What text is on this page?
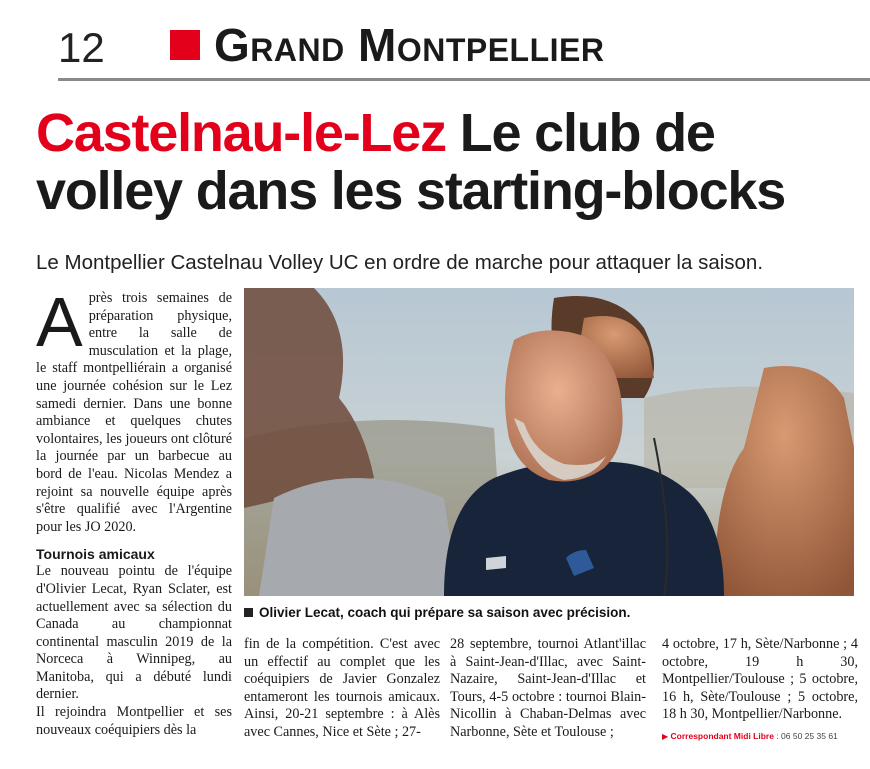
12 Grand Montpellier
Castelnau-le-Lez Le club de volley dans les starting-blocks
Le Montpellier Castelnau Volley UC en ordre de marche pour attaquer la saison.
A près trois semaines de préparation physique, entre la salle de musculation et la plage, le staff montpelliérain a organisé une journée cohésion sur le Lez samedi dernier. Dans une bonne ambiance et quelques chutes volontaires, les joueurs ont clôturé la journée par un barbecue au bord de l'eau. Nicolas Mendez a rejoint sa nouvelle équipe après s'être qualifié avec l'Argentine pour les JO 2020.

Tournois amicaux

Le nouveau pointu de l'équipe d'Olivier Lecat, Ryan Sclater, est actuellement avec sa sélection du Canada au championnat continental masculin 2019 de la Norceca à Winnipeg, au Manitoba, qui a débuté lundi dernier.

Il rejoindra Montpellier et ses nouveaux coéquipiers dès la

Olivier Lecat, coach qui prépare sa saison avec précision.

fin de la compétition. C'est avec un effectif au complet que les coéquipiers de Javier Gonzalez entameront les tournois amicaux. Ainsi, 20-21 septembre : à Alès avec Cannes, Nice et Sète ; 27-

28 septembre, tournoi Atlant'illac à Saint-Jean-d'Illac, avec Saint-Nazaire, Saint-Jean-d'Illac et Tours, 4-5 octobre : tournoi Blain-Nicollin à Chaban-Delmas avec Narbonne, Sète et Toulouse ;

4 octobre, 17 h, Sète/Narbonne ; 4 octobre, 19 h 30, Montpellier/Toulouse ; 5 octobre, 16 h, Sète/Toulouse ; 5 octobre, 18 h 30, Montpellier/Narbonne.

▶ Correspondant Midi Libre : 06 50 25 35 61
